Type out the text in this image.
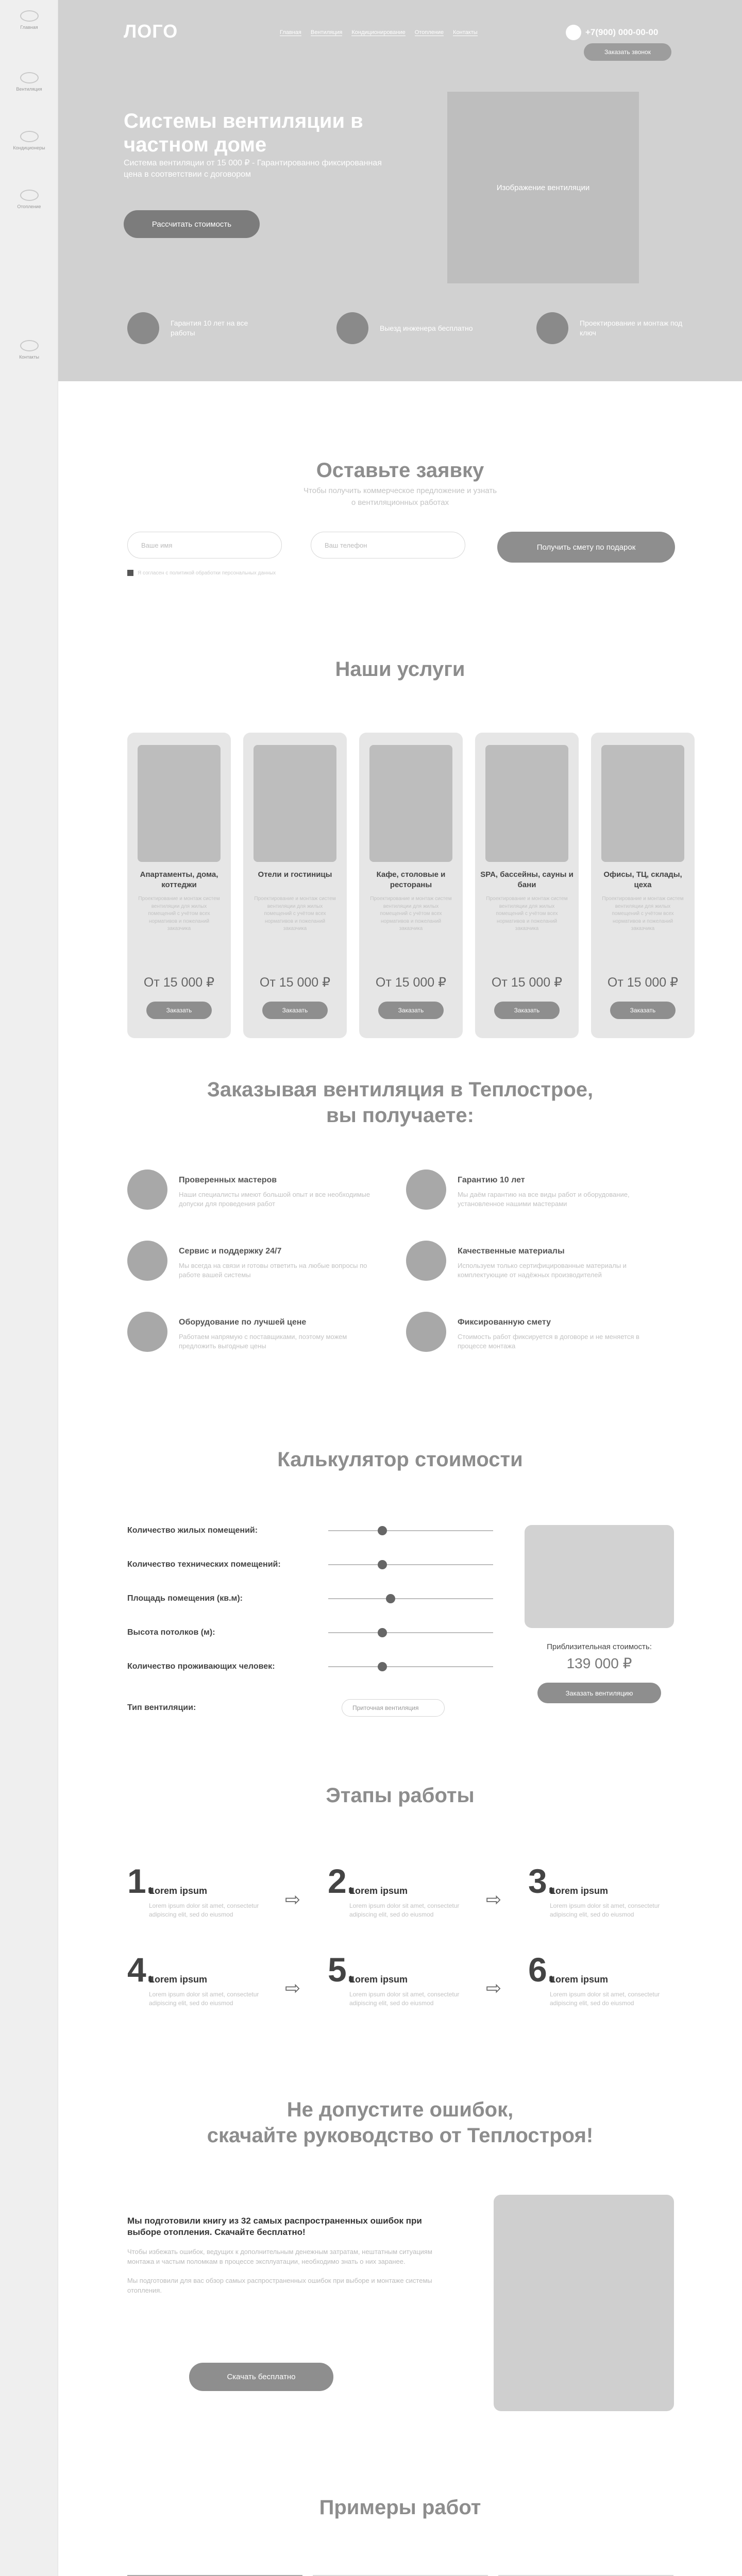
Главная
Вентиляция
Кондиционеры
Отопление
Контакты
ЛОГО	Главная Вентиляция Кондиционирование Отопление Контакты	+7(900) 000-00-00
Заказать звонок
Системы вентиляции в частном доме
Система вентиляции от 15 000 ₽ - Гарантированно фиксированная цена в соответствии с договором
Рассчитать стоимость
Изображение вентиляции
Гарантия 10 лет на все работы
Выезд инженера бесплатно
Проектирование и монтаж под ключ
Оставьте заявку
Чтобы получить коммерческое предложение и узнать о вентиляционных работах
Ваше имя	Ваш телефон	Получить смету по подарок
Я согласен с политикой обработки персональных данных
Наши услуги
Апартаменты, дома, коттеджи
Проектирование и монтаж систем вентиляции для жилых помещений с учётом всех нормативов и пожеланий заказчика
От 15 000 ₽
Заказать
Отели и гостиницы
Проектирование и монтаж систем вентиляции для жилых помещений с учётом всех нормативов и пожеланий заказчика
От 15 000 ₽
Заказать
Кафе, столовые и рестораны
Проектирование и монтаж систем вентиляции для жилых помещений с учётом всех нормативов и пожеланий заказчика
От 15 000 ₽
Заказать
SPA, бассейны, сауны и бани
Проектирование и монтаж систем вентиляции для жилых помещений с учётом всех нормативов и пожеланий заказчика
От 15 000 ₽
Заказать
Офисы, ТЦ, склады, цеха
Проектирование и монтаж систем вентиляции для жилых помещений с учётом всех нормативов и пожеланий заказчика
От 15 000 ₽
Заказать
Заказывая вентиляция в Теплострое,
вы получаете:
Проверенных мастеров
Наши специалисты имеют большой опыт и все необходимые допуски для проведения работ
Гарантию 10 лет
Мы даём гарантию на все виды работ и оборудование, установленное нашими мастерами
Сервис и поддержку 24/7
Мы всегда на связи и готовы ответить на любые вопросы по работе вашей системы
Качественные материалы
Используем только сертифицированные материалы и комплектующие от надёжных производителей
Оборудование по лучшей цене
Работаем напрямую с поставщиками, поэтому можем предложить выгодные цены
Фиксированную смету
Стоимость работ фиксируется в договоре и не меняется в процессе монтажа
Калькулятор стоимости
Количество жилых помещений:
Количество технических помещений:
Площадь помещения (кв.м):
Высота потолков (м):
Количество проживающих человек:
Тип вентиляции:	Приточная вентиляция
Приблизительная стоимость:
139 000 ₽
Заказать вентиляцию
Этапы работы
1.
Lorem ipsum
Lorem ipsum dolor sit amet, consectetur adipiscing elit, sed do eiusmod
2.
Lorem ipsum
Lorem ipsum dolor sit amet, consectetur adipiscing elit, sed do eiusmod
3.
Lorem ipsum
Lorem ipsum dolor sit amet, consectetur adipiscing elit, sed do eiusmod
4.
Lorem ipsum
Lorem ipsum dolor sit amet, consectetur adipiscing elit, sed do eiusmod
5.
Lorem ipsum
Lorem ipsum dolor sit amet, consectetur adipiscing elit, sed do eiusmod
6.
Lorem ipsum
Lorem ipsum dolor sit amet, consectetur adipiscing elit, sed do eiusmod
⇨	⇨
⇨	⇨
Не допустите ошибок,
скачайте руководство от Теплостроя!
Мы подготовили книгу из 32 самых распространенных ошибок при выборе отопления. Скачайте бесплатно!
Чтобы избежать ошибок, ведущих к дополнительным денежным затратам, нештатным ситуациям монтажа и частым поломкам в процессе эксплуатации, необходимо знать о них заранее.
Мы подготовили для вас обзор самых распространенных ошибок при выборе и монтаже системы отопления.
Скачать бесплатно
Примеры работ
